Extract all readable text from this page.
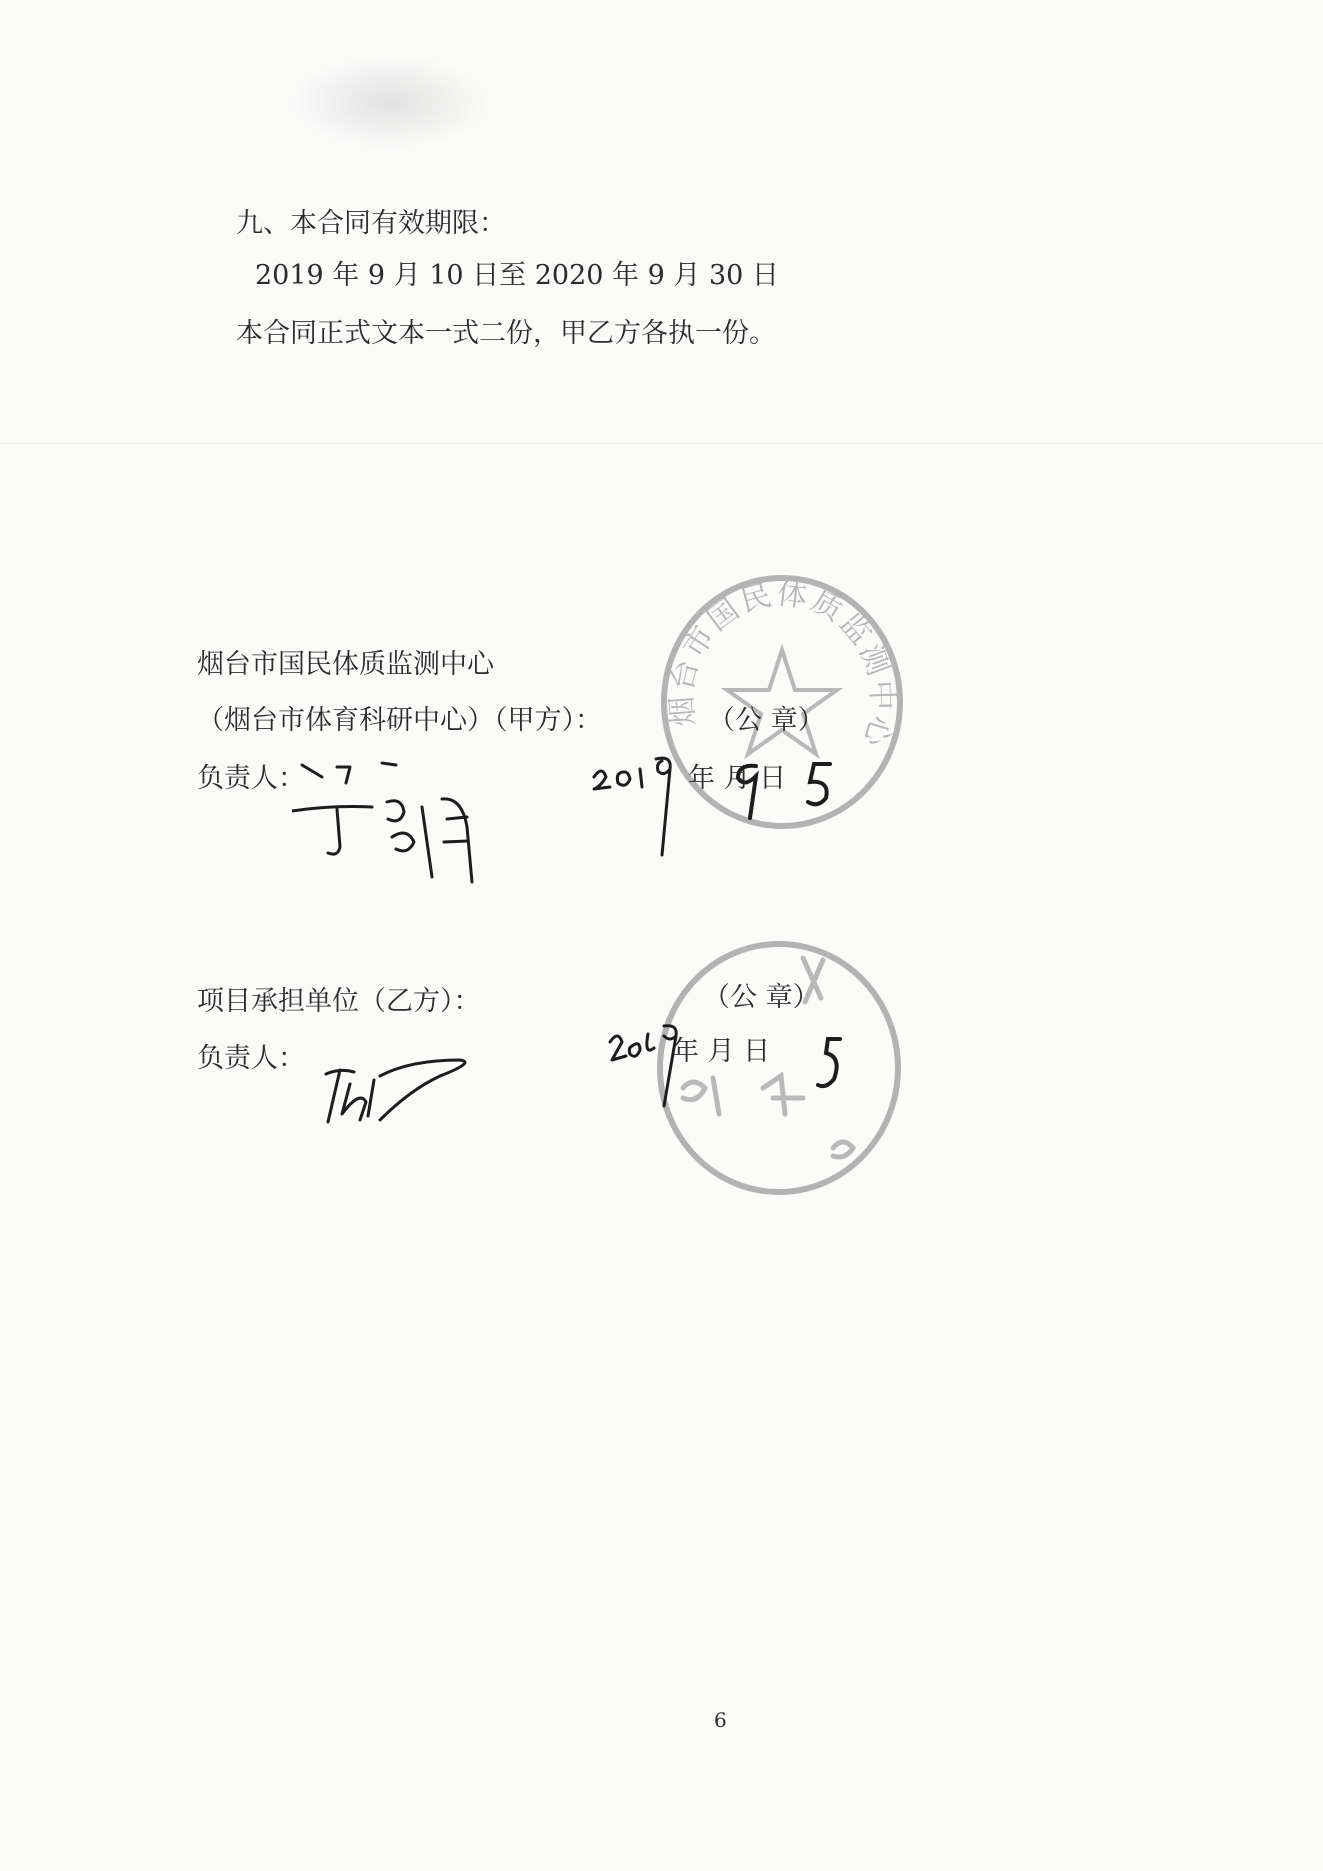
九、本合同有效期限：
2019 年 9 月 10 日至 2020 年 9 月 30 日
本合同正式文本一式二份，甲乙方各执一份。
烟台市国民体质监测中心
烟台市国民体质监测中心
（烟台市体育科研中心）（甲方）：	（公 章）
负责人：	年 月 日
项目承担单位（乙方）：	（公 章）
负责人：	年 月 日
6
